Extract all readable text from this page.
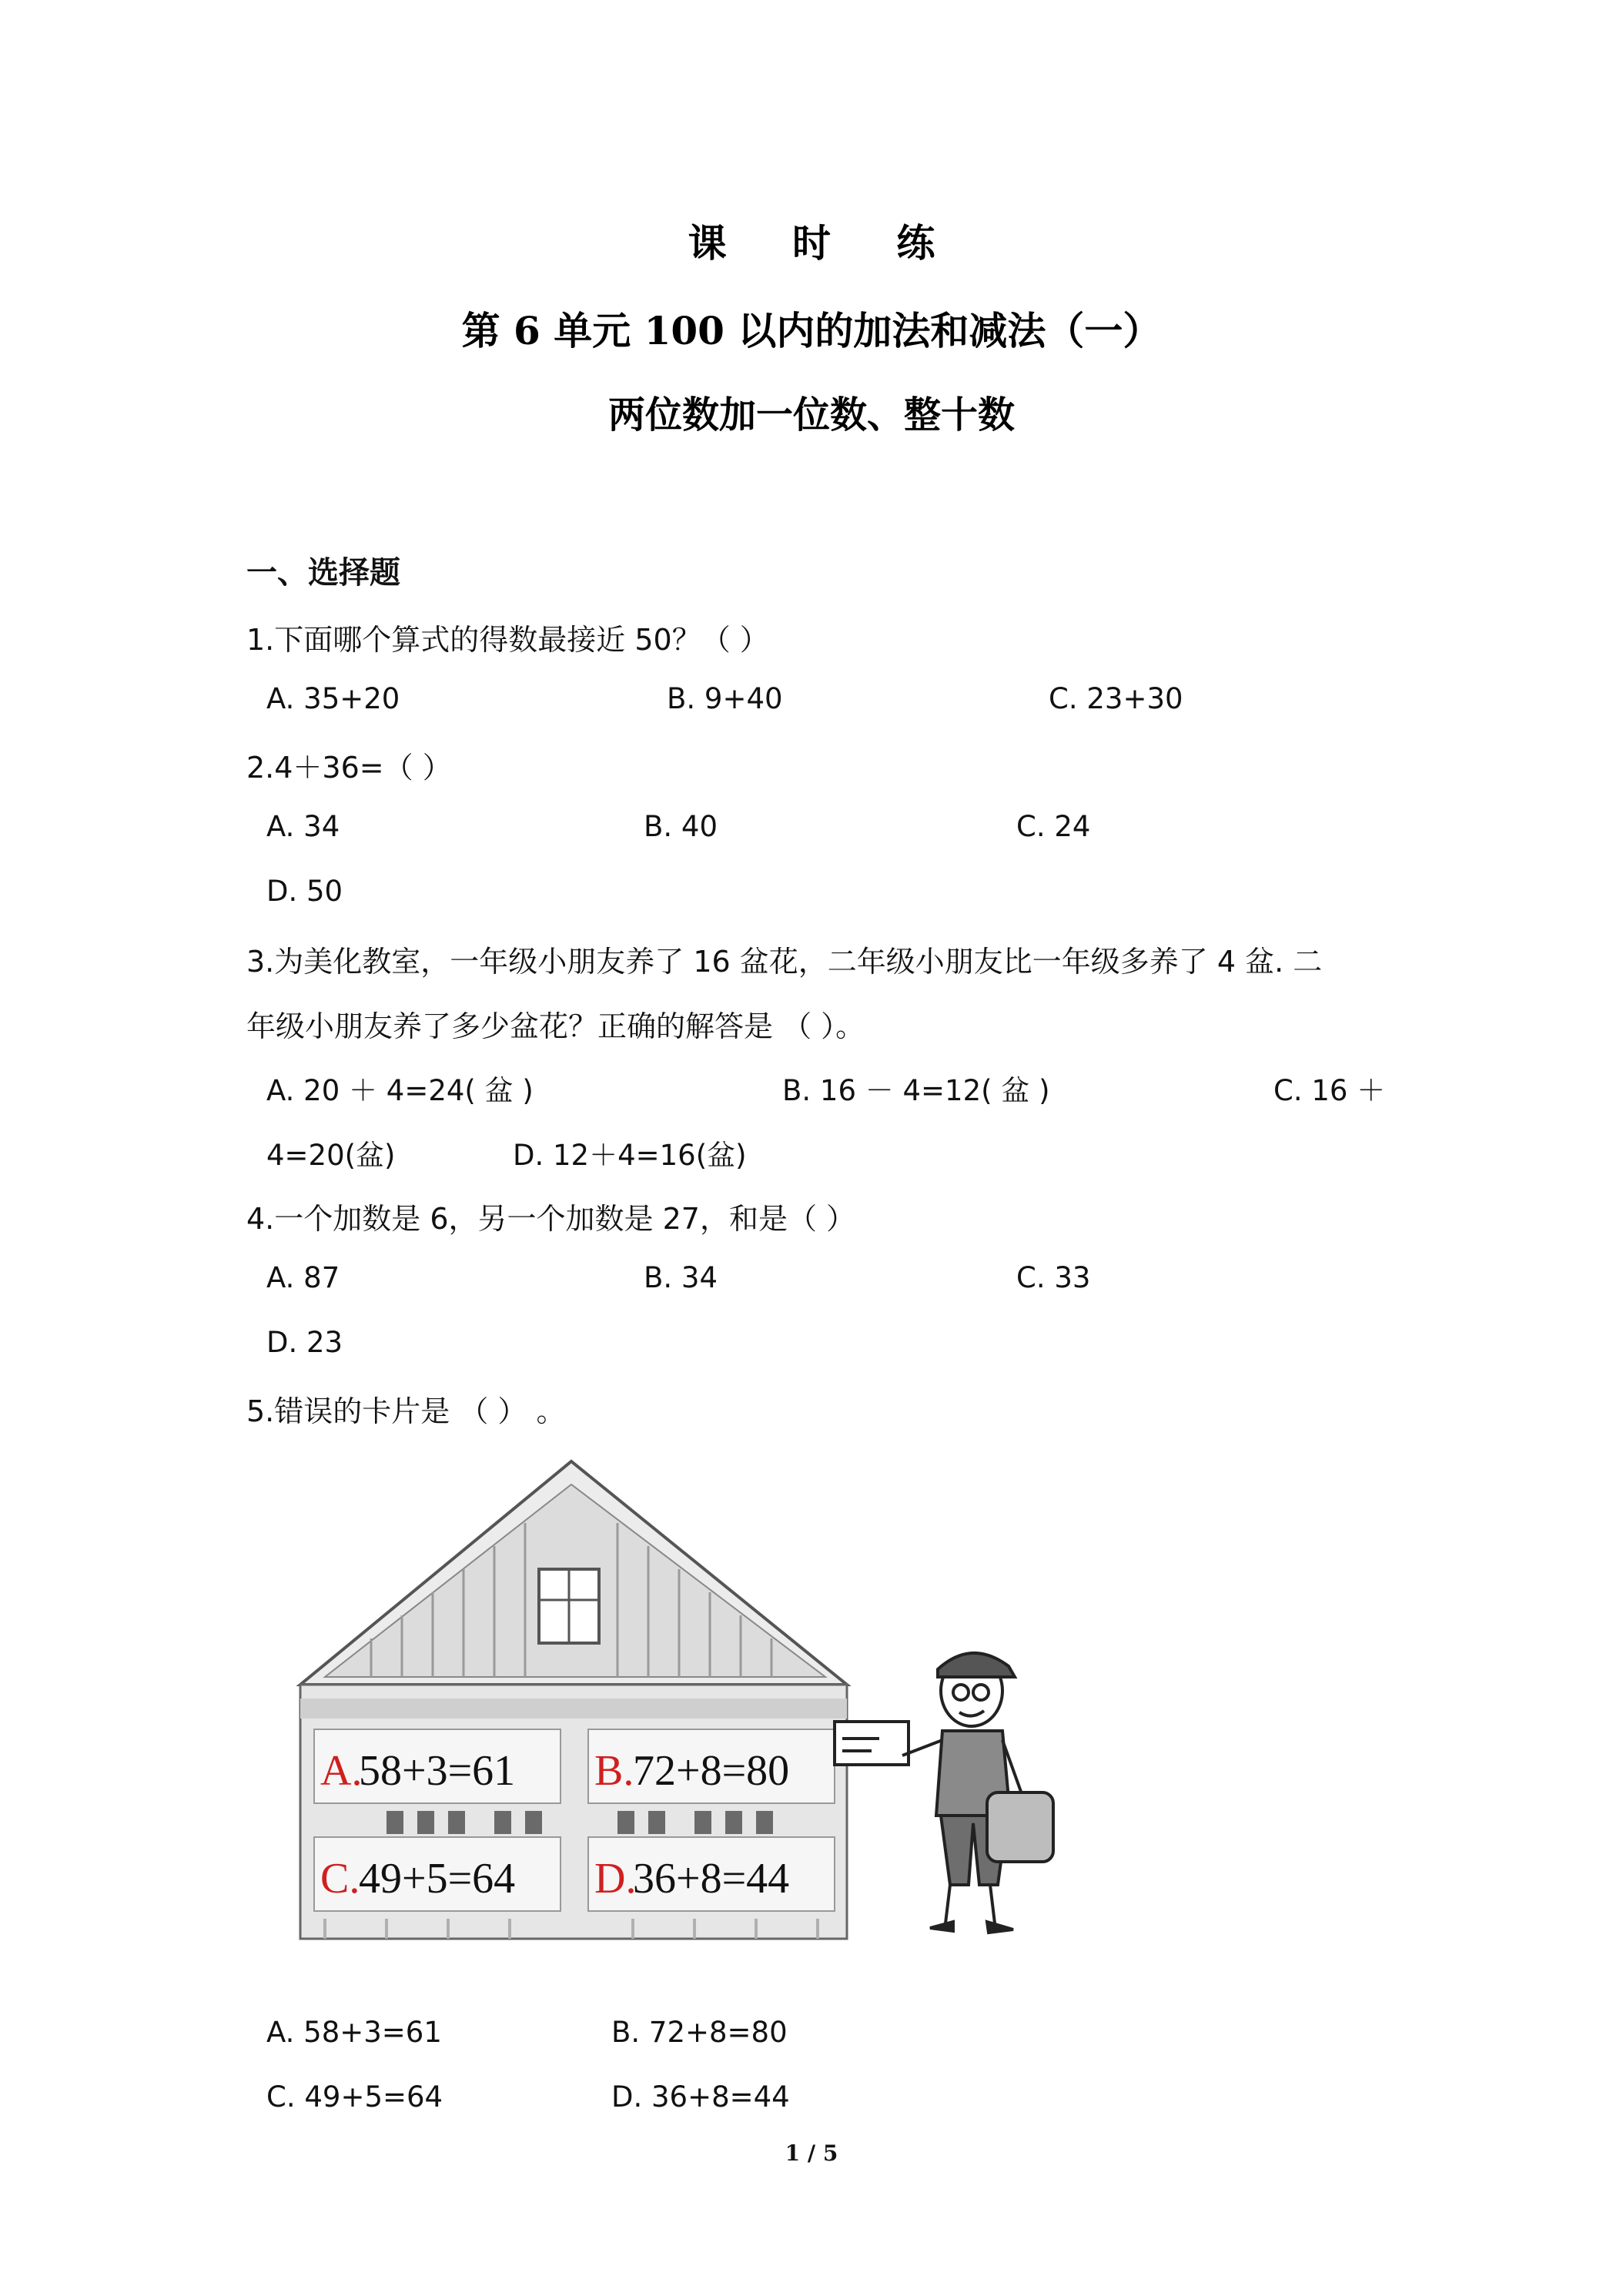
课 时 练
第 6 单元 100 以内的加法和减法（一）
两位数加一位数、整十数
一、选择题
1.下面哪个算式的得数最接近 50？（ ）
A. 35+20	B. 9+40	C. 23+30
2.4＋36=（ ）
A. 34	B. 40	C. 24
D. 50
3.为美化教室，一年级小朋友养了 16 盆花，二年级小朋友比一年级多养了 4 盆. 二
年级小朋友养了多少盆花？正确的解答是 （ ）。
A. 20 ＋ 4=24( 盆 )	B. 16 － 4=12( 盆 )	C. 16 ＋
4=20(盆)	D. 12＋4=16(盆)
4.一个加数是 6，另一个加数是 27，和是（ ）
A. 87	B. 34	C. 33
D. 23
5.错误的卡片是 （ ） 。
A.
58+3=61 B.
72+8=80
C.
49+5=64 D.
36+8=44
A. 58+3=61	B. 72+8=80
C. 49+5=64	D. 36+8=44
1 / 5
